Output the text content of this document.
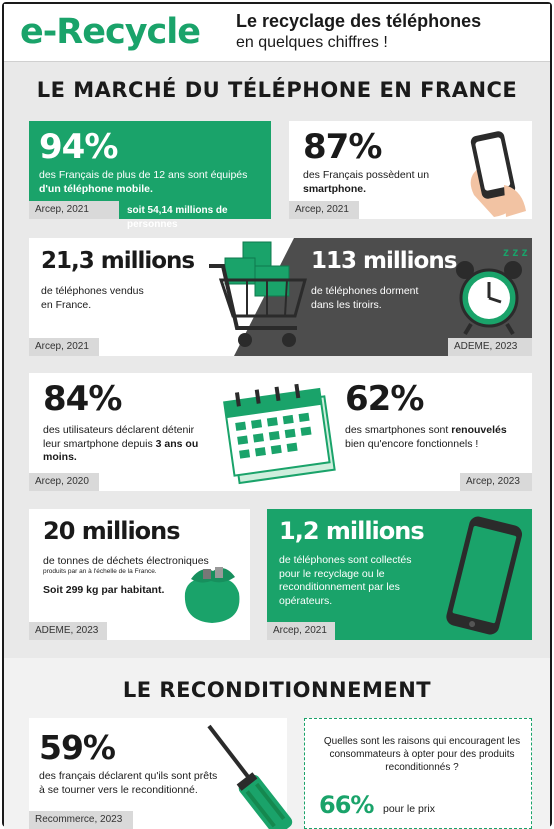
e-Recycle Le recyclage des téléphones
en quelques chiffres !
LE MARCHÉ DU TÉLÉPHONE EN FRANCE
94%
des Français de plus de 12 ans sont équipés
d'un téléphone mobile.
Arcep, 2021	soit 54,14 millions de personnes
87%
des Français possèdent un
smartphone.
Arcep, 2021
21,3 millions
de téléphones vendus
en France.
Arcep, 2021
113 millions
de téléphones dorment
dans les tiroirs.
ADEME, 2023
z z z
84%
des utilisateurs déclarent détenir
leur smartphone depuis 3 ans ou
moins.
Arcep, 2020
62%
des smartphones sont renouvelés
bien qu'encore fonctionnels !
Arcep, 2023
20 millions
de tonnes de déchets électroniques
produits par an à l'échelle de la France.
Soit 299 kg par habitant.
ADEME, 2023
1,2 millions
de téléphones sont collectés
pour le recyclage ou le
reconditionnement par les
opérateurs.
Arcep, 2021
LE RECONDITIONNEMENT
59%
des français déclarent qu'ils sont prêts
à se tourner vers le reconditionné.
Recommerce, 2023
Quelles sont les raisons qui encouragent les
consommateurs à opter pour des produits
reconditionnés ?
66% pour le prix
